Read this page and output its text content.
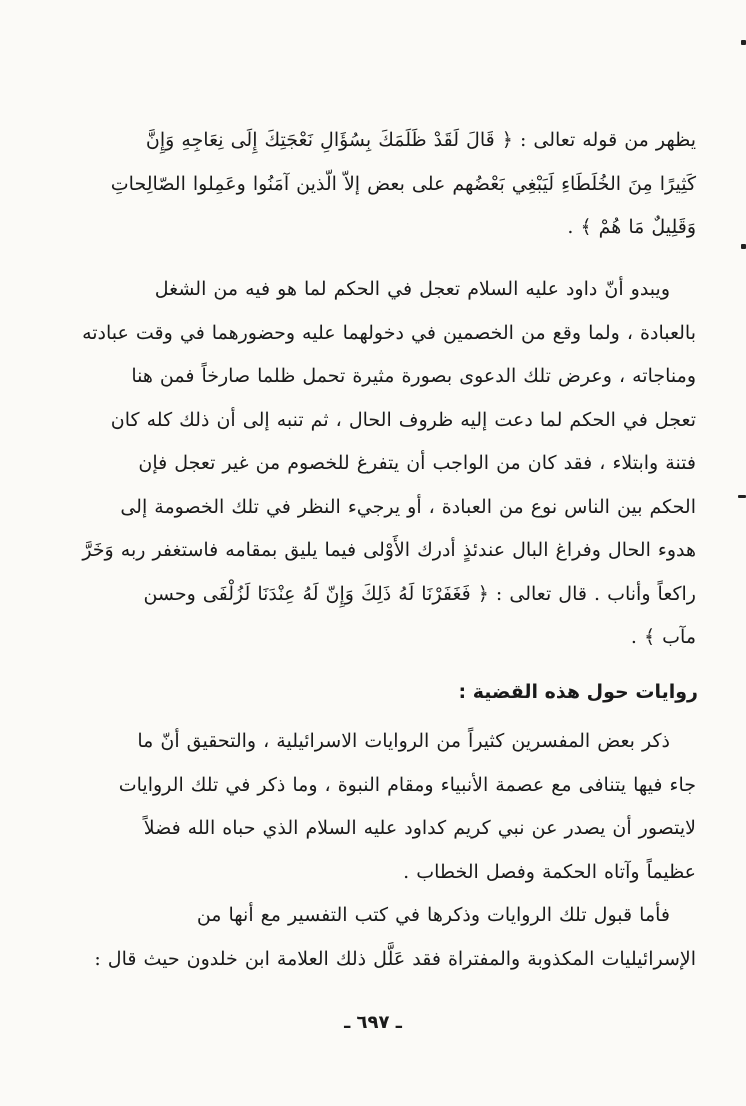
يظهر من قوله تعالى : ﴿ قَالَ لَقَدْ ظَلَمَكَ بِسُؤَالِ نَعْجَتِكَ إِلَى نِعَاجِهِ وَإِنَّ
كَثِيرًا مِنَ الخُلَطَاءِ لَيَبْغِي بَعْضُهم على بعض إلاّ الّذين آمَنُوا وعَمِلوا الصّالِحاتِ
وَقَلِيلٌ مَا هُمْ ﴾ .
ويبدو أنّ داود عليه السلام تعجل في الحكم لما هو فيه من الشغل
بالعبادة ، ولما وقع من الخصمين في دخولهما عليه وحضورهما في وقت عبادته
ومناجاته ، وعرض تلك الدعوى بصورة مثيرة تحمل ظلما صارخاً فمن هنا
تعجل في الحكم لما دعت إليه ظروف الحال ، ثم تنبه إلى أن ذلك كله كان
فتنة وابتلاء ، فقد كان من الواجب أن يتفرغ للخصوم من غير تعجل فإن
الحكم بين الناس نوع من العبادة ، أو يرجيء النظر في تلك الخصومة إلى
هدوء الحال وفراغ البال عندئذٍ أدرك الأَوْلى فيما يليق بمقامه فاستغفر ربه وَخَرَّ
راكعاً وأناب . قال تعالى : ﴿ فَغَفَرْنَا لَهُ ذَلِكَ وَإِنّ لَهُ عِنْدَنَا لَزُلْفَى وحسن
مآب ﴾ .
روايات حول هذه القضية :
ذكر بعض المفسرين كثيراً من الروايات الاسرائيلية ، والتحقيق أنّ ما
جاء فيها يتنافى مع عصمة الأنبياء ومقام النبوة ، وما ذكر في تلك الروايات
لايتصور أن يصدر عن نبي كريم كداود عليه السلام الذي حباه الله فضلاً
عظيماً وآتاه الحكمة وفصل الخطاب .
فأما قبول تلك الروايات وذكرها في كتب التفسير مع أنها من
الإسرائيليات المكذوبة والمفتراة فقد عَلَّل ذلك العلامة ابن خلدون حيث قال :
ـ ٦٩٧ ـ
